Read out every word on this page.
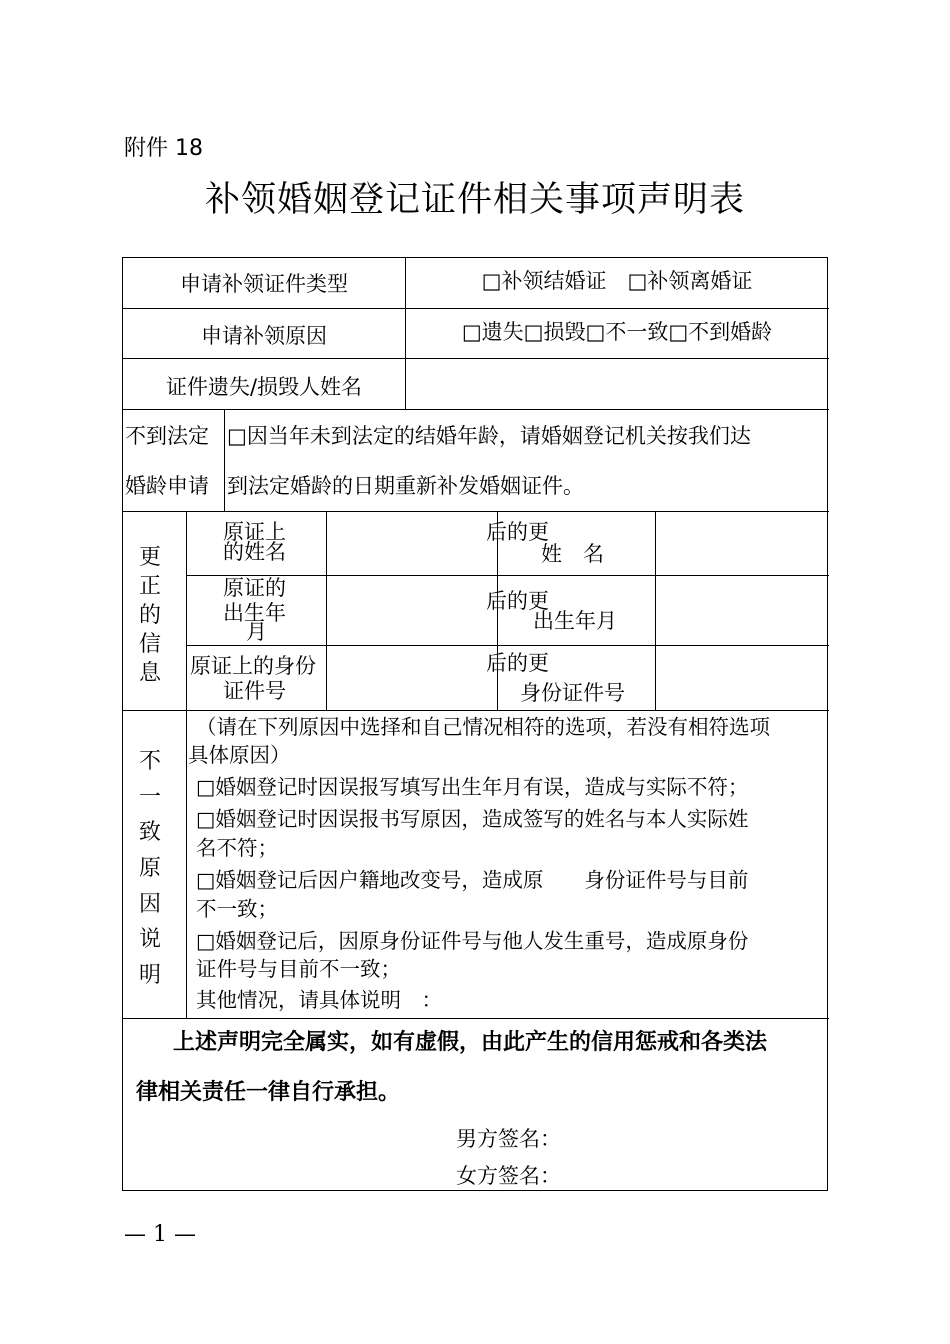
附件 18
补领婚姻登记证件相关事项声明表
申请补领证件类型	□补领结婚证　□补领离婚证
申请补领原因	□遗失□损毁□不一致□不到婚龄
证件遗失/损毁人姓名
不到法定
婚龄申请
□因当年未到法定的结婚年龄，请婚姻登记机关按我们达
到法定婚龄的日期重新补发婚姻证件。
更正的信息
原证上
的姓名
后的更
姓　名
原证的
出生年
月
后的更
出生年月
原证上的身份
证件号
后的更
身份证件号
不一致原因说明
上述声明完全属实，如有虚假，由此产生的信用惩戒和各类法
律相关责任一律自行承担。
男方签名：
女方签名：
（请在下列原因中选择和自己情况相符的选项，若没有相符选项
具体原因）
□婚姻登记时因误报写填写出生年月有误，造成与实际不符；
□婚姻登记时因误报书写原因，造成签写的姓名与本人实际姓
名不符；
□婚姻登记后因户籍地改变号，造成原　　身份证件号与目前
不一致；
□婚姻登记后，因原身份证件号与他人发生重号，造成原身份
证件号与目前不一致；
其他情况，请具体说明　：
— 1 —
